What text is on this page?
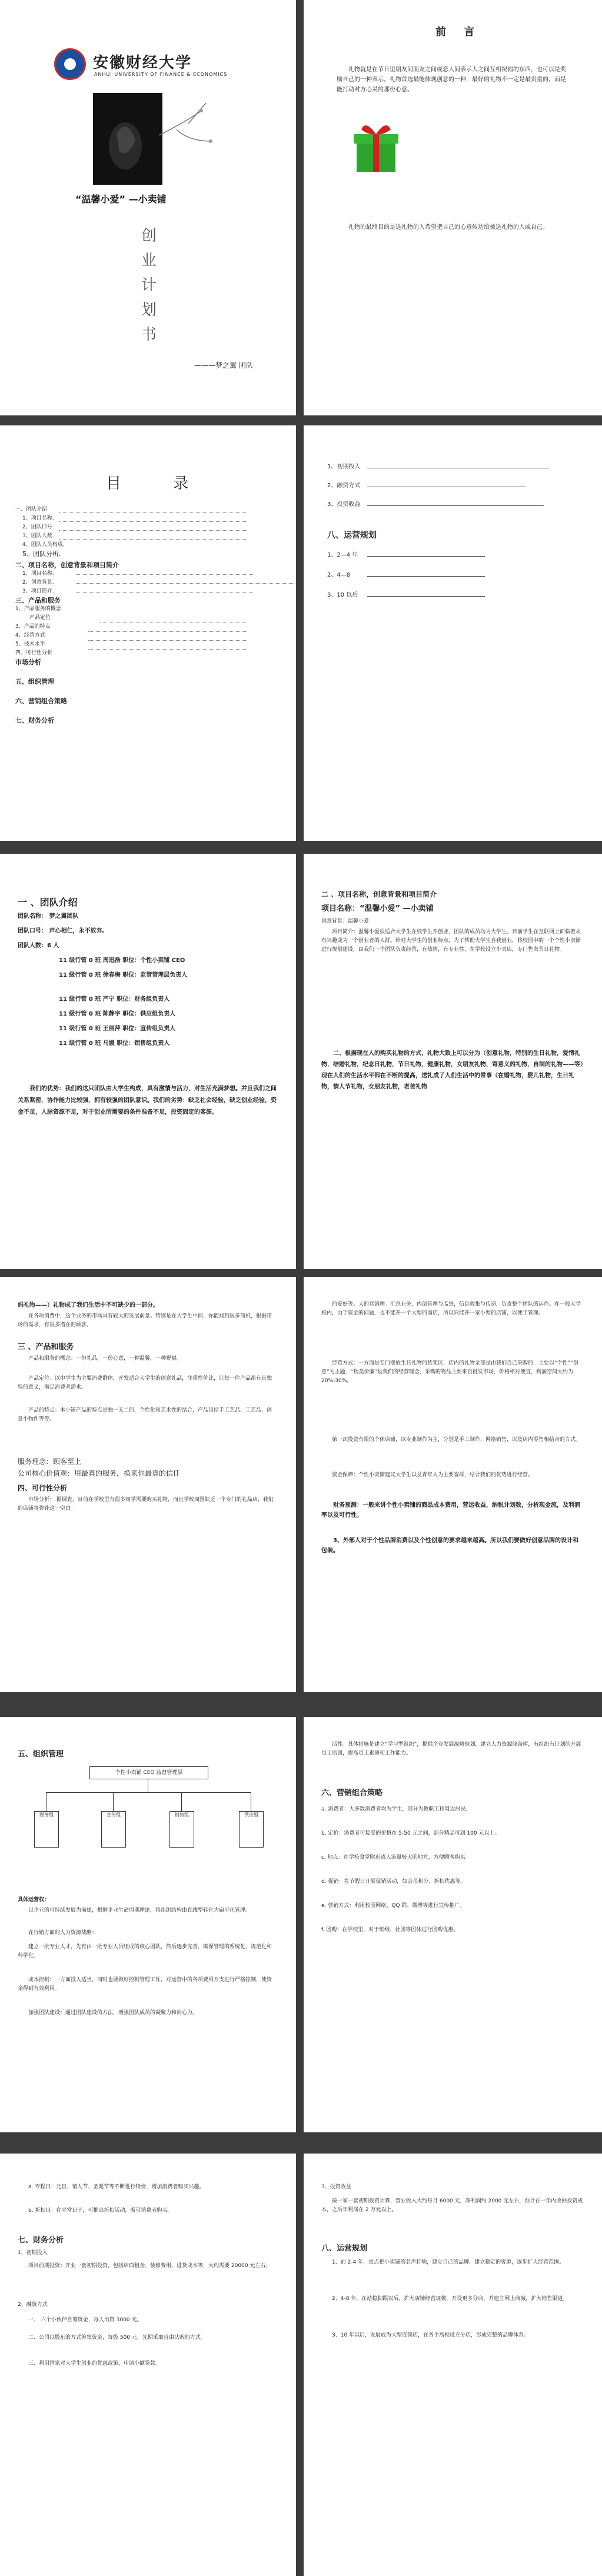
安徽财经大学
ANHUI UNIVERSITY OF FINANCE & ECONOMICS
“温馨小爱” —小卖铺
创业计划书
———梦之翼 团队
前 言
礼物就是在节日里朋友间朋友之间或恋人间表示人之间互相祝福的东西，也可以是奖励自己的一种表示。礼物首选最能体现创意的一种，最好的礼物不一定是最贵重的，而是能打动对方心灵的那份心意。
礼物的最终目的是送礼物的人希望把自己的心意传达给被送礼物的人或自己。
目 录
一、团队介绍
1、项目名称.
2、团队口号.
3、团队人数.
4、团队人员构成.
5、团队分析.
二、项目名称，创意背景和项目简介
1、项目名称.
2、创意背景.
3、项目简介.
三、产品和服务
1、产品服务的概念
产品定位
3、产品的特点
4、经营方式
5、技术水平
四、可行性分析
市场分析
五、组织管理
六、营销组合策略
七、财务分析
1、初期投入
2、融资方式
3、投资收益
八、运营规划
1、2—4 年
2、4—8
3、10 以后
一 、团队介绍
团队名称： 梦之翼团队
团队口号： 声心相仁，永不放弃。
团队人数：6 人
11 级行管 0 班 周迅浩 职位：个性小卖铺 CEO
11 级行管 0 班 徐春梅 职位：监管管理层负责人
11 级行管 0 班 严宁 职位：财务组负责人
11 级行管 0 班 陈静宇 职位：供应组负责人
11 级行管 0 班 王丽萍 职位：宣传组负责人
11 级行管 0 班 马媛 职位：销售组负责人
我们的优势：我们的这只团队由大学生构成，具有激情与活力，对生活充满梦想。并且我们之间关系紧密，协作能力比较强，拥有较强的团队意识。我们的劣势：缺乏社会经验，缺乏创业经验，资金不足，人脉资源不足，对于创业所需要的条件准备不足，投资固定的客源。
二 、项目名称，创意背景和项目简介
项目名称：“温馨小爱” —小卖铺
创意背景：温馨小爱
项目简介：温馨小爱很适合大学生在校学生开创业，团队的成员均为大学生。目前学生在互联网上面临着从有兴趣成为一个创业者的人群。针对大学生的创业特点，为了帮助大学生自我创业，将校园中的一个个性小卖铺进行规划建设，由我们一个团队负责经营，有热情，有专业性，在学校设立小卖店，专门售卖节日礼物。
二、根据现在人的购买礼物的方式，礼物大致上可以分为（创意礼物，特别的生日礼物，爱情礼物，结婚礼物，纪念日礼物，节日礼物，健康礼物，女朋友礼物，寄意义的礼物，自制的礼物——等）现在人们的生活水平都在不断的提高，送礼成了人们生活中的常事（在婚礼物，婴儿礼物，生日礼物，情人节礼物，女朋友礼物，老爸礼物
妈礼物——）礼物成了我们生活中不可缺少的一部分。
在各项消费中，这个业务的市场具有较大的发展前景。特别是在大学生中间，你能找到很多商机，根据市场的需求，有很多潜在的顾客。
三 、产品和服务
产品和服务的概念：一份礼品，一份心意，一种温馨，一种祝福。
产品定位：以中学生为主要消费群体，开发适合大学生的创意礼品，注重性价比，让每一件产品都有其独特的意义，满足消费者需求。
产品的特点：本小铺产品的特点是独一无二的，个性化和艺术性的结合，产品包括手工艺品、工艺品、创意小物件等等。
服务理念：顾客至上
公司核心价值观：用最真的服务，换来你最真的信任
四、可行性分析
市场分析： 据调查，目前在学校里有很多同学需要购买礼物，而且学校周围缺乏一个专门的礼品店，我们的店铺将弥补这一空白。
的爱好等。大的营销理：汇总业务，内部管理与监督，信息收集与传递，负责整个团队的运作。在一般大学校内，由于资金的问题，也不能开一个大型的商店，所以只能开一家小型的店铺，以便于管理。
经营方式：一方面是专门摆放生日礼物的货架区，店内的礼物全部是由我们自己采购的，主要以“个性”“创意”为主题，“物美价廉”是我们的经营理念，采购的物品主要来自批发市场，价格相对便宜，利润空间大约为20%-30%。
第一次投资有限的个体店铺，以专业制作为主，分别是手工制作，网络销售，以及店内零售相结合的方式。
资金保障：个性小卖铺建议大学生以及青年人为主要客群，结合我们的优势进行经营。
财务预测：一般来讲个性小卖铺的商品成本费用，营运收益，纳税计划数，分析现金流，及利润率以及可行性。
3、外部人对于个性品牌消费以及个性创意的要求越来越高。所以我们要做好创意品牌的设计和包装。
五、组织管理
个性小卖铺 CEO 监督管理层
财务组	宣传组	销售组	供应组
具体运营权：
以企业的可持续发展为前提，根据企业生命周期理论，将组织结构由直线型转化为扁平化管理。
在行销方面的人力资源战略：
建立一批专业人才，先有由一批专业人员组成的核心团队，然后逐步完善，确保管理的系统化、规范化和科学化。
成本控制：一方面投入适当，同时也要做好控制管理工作，对运营中的各项费用开支进行严格控制，使资金得到有效利用。
加强团队建设：通过团队建设的方法，增强团队成员的凝聚力和向心力。
活性。具体措施是建立“学习型组织”，提供企业发展战略规划，建立人力资源储备库，有组织有计划的开展员工培训，提高员工素质和工作能力。
六、营销组合策略
a. 消费者：大多数消费者均为学生，部分为教职工和周边居民。
b. 定价：消费者可接受的价格在 5-50 元之间，部分精品可到 100 元以上。
c. 地点：在学校食堂附近或人流量较大的地方，方便顾客购买。
d. 促销：在节假日开展促销活动，如会员积分、折扣优惠等。
e. 营销方式：利用校园网络、QQ 群、微博等进行宣传推广。
f. 团购：在学校里，对于班级、社团等团体进行团购优惠。
a. 专程日：元旦、情人节、圣诞节等不断进行特价，增加消费者购买兴趣。
b. 折扣日：在平常日子，可推出折扣活动，吸引消费者购买。
七、财务分析
1、初期投入
项目前期投资：开业一套初期投资，包括店面租金、装修费用、进货成本等，大约需要 20000 元左右。
2、融资方式
一、 六个小伙伴自筹资金，每人出资 3000 元。
二、公司以股东的方式筹集资金，每股 500 元，先期采取自由认购的方式。
三、利用国家对大学生创业的优惠政策，申请小额贷款。
3、投资收益
按一家一套初期投资计算，营业收入大约每月 6000 元，净利润约 2000 元左右，预计在一年内收回投资成本，之后年利润在 2 万元以上。
八、运营规划
1、前 2-4 年，重点把小卖铺的名声打响，建立自己的品牌，建立稳定的客源，逐步扩大经营范围。
2、4-8 年，在站稳脚跟以后，扩大店铺经营规模，开设更多分店，并建立网上商城，扩大销售渠道。
3、10 年以后，发展成为大型连锁店，在各个高校设立分店，形成完整的品牌体系。
